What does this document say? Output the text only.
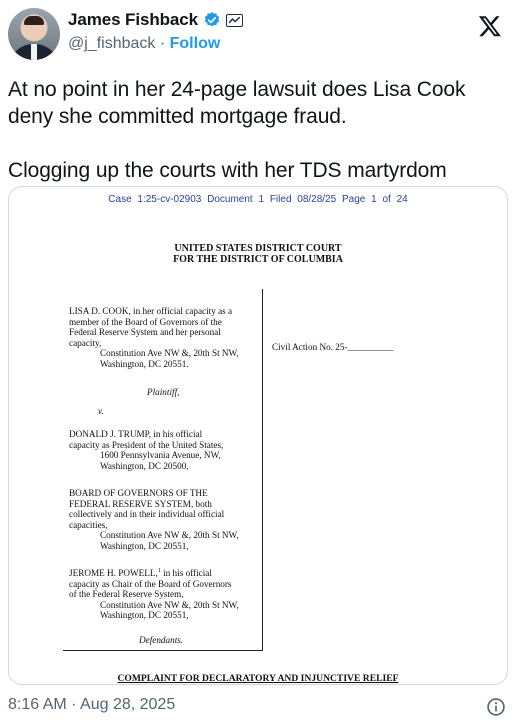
James Fishback
@j_fishback · Follow

At no point in her 24-page lawsuit does Lisa Cook deny she committed mortgage fraud.

Clogging up the courts with her TDS martyrdom

Case 1:25-cv-02903 Document 1 Filed 08/28/25 Page 1 of 24
UNITED STATES DISTRICT COURT
FOR THE DISTRICT OF COLUMBIA
LISA D. COOK, in her official capacity as a
member of the Board of Governors of the
Federal Reserve System and her personal
capacity,
Constitution Ave NW &, 20th St NW,
Washington, DC 20551.
Plaintiff,
v.
DONALD J. TRUMP, in his official
capacity as President of the United States,
1600 Pennsylvania Avenue, NW,
Washington, DC 20500,
BOARD OF GOVERNORS OF THE
FEDERAL RESERVE SYSTEM, both
collectively and in their individual official
capacities,
Constitution Ave NW &, 20th St NW,
Washington, DC 20551,
JEROME H. POWELL,$^1$ in his official
capacity as Chair of the Board of Governors
of the Federal Reserve System,
Constitution Ave NW &, 20th St NW,
Washington, DC 20551,
Defendants.
Civil Action No. 25-__________
COMPLAINT FOR DECLARATORY AND INJUNCTIVE RELIEF
8:16 AM · Aug 28, 2025
